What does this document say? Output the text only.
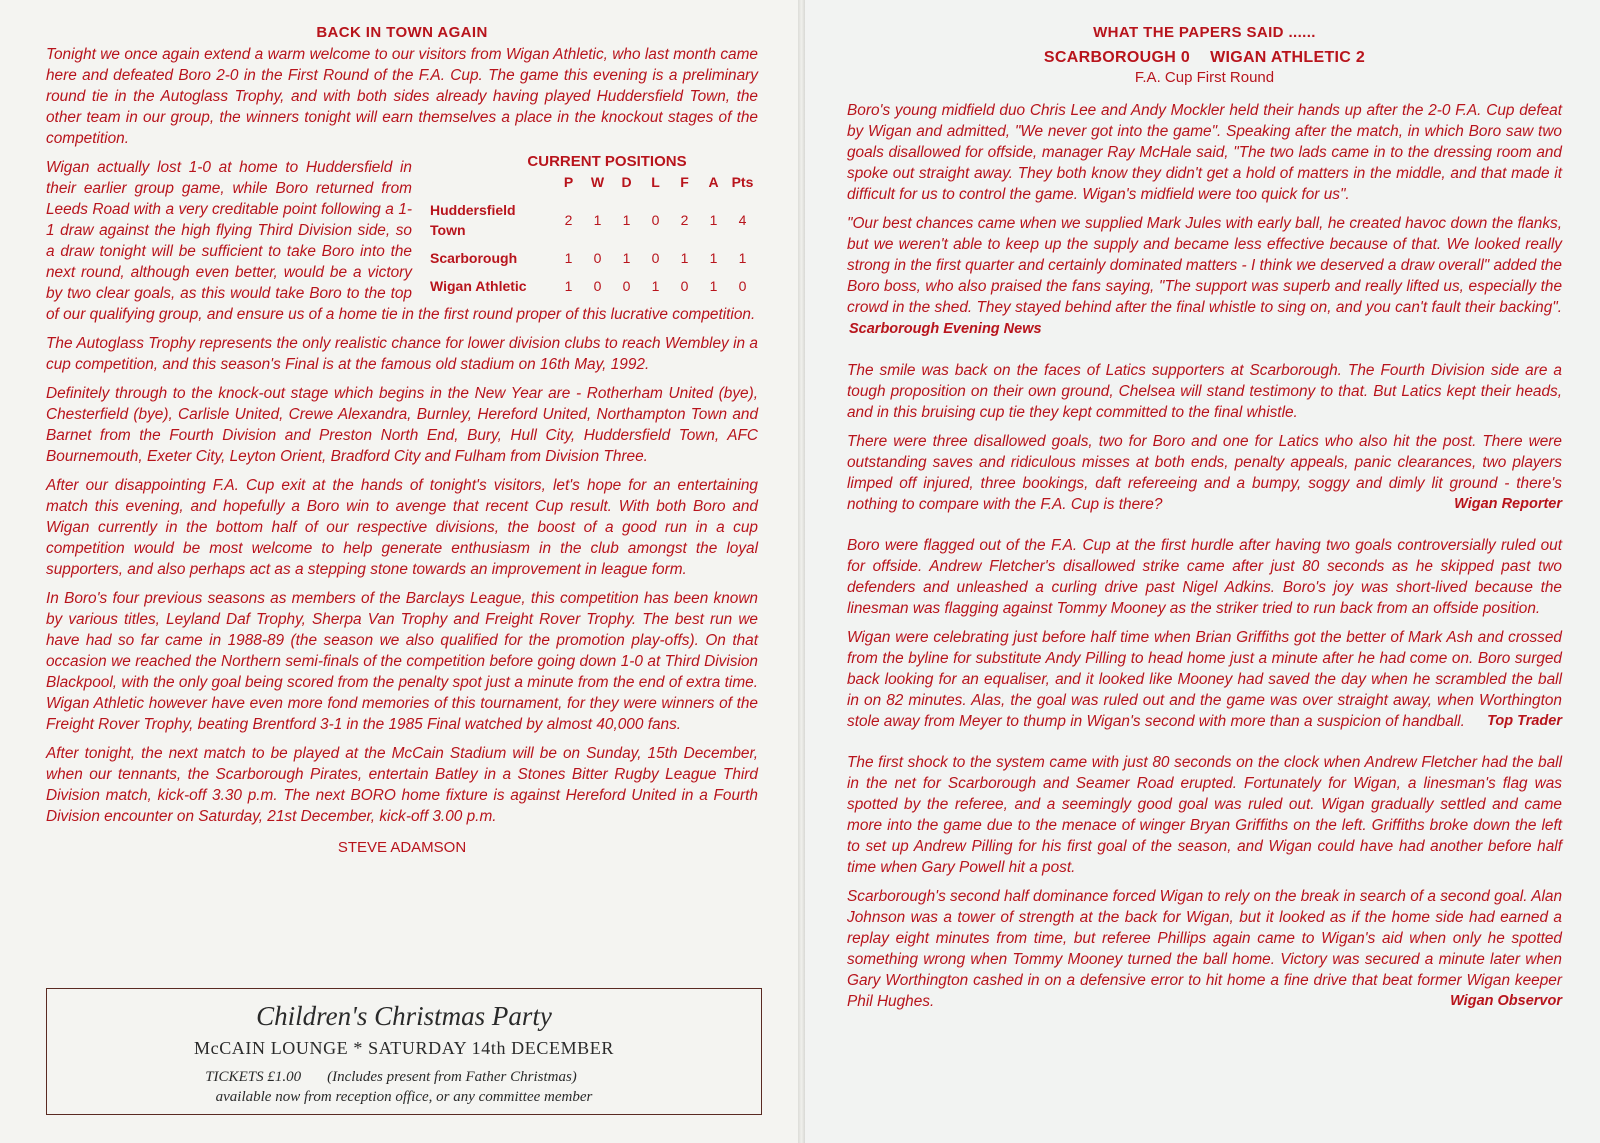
BACK IN TOWN AGAIN

Tonight we once again extend a warm welcome to our visitors from Wigan Athletic, who last month came here and defeated Boro 2-0 in the First Round of the F.A. Cup. The game this evening is a preliminary round tie in the Autoglass Trophy, and with both sides already having played Huddersfield Town, the other team in our group, the winners tonight will earn themselves a place in the knockout stages of the competition.

CURRENT POSITIONS
	P	W	D	L	F	A	Pts
Huddersfield Town	2	1	1	0	2	1	4
Scarborough	1	0	1	0	1	1	1
Wigan Athletic	1	0	0	1	0	1	0

Wigan actually lost 1-0 at home to Huddersfield in their earlier group game, while Boro returned from Leeds Road with a very creditable point following a 1-1 draw against the high flying Third Division side, so a draw tonight will be sufficient to take Boro into the next round, although even better, would be a victory by two clear goals, as this would take Boro to the top of our qualifying group, and ensure us of a home tie in the first round proper of this lucrative competition.

The Autoglass Trophy represents the only realistic chance for lower division clubs to reach Wembley in a cup competition, and this season's Final is at the famous old stadium on 16th May, 1992.

Definitely through to the knock-out stage which begins in the New Year are - Rotherham United (bye), Chesterfield (bye), Carlisle United, Crewe Alexandra, Burnley, Hereford United, Northampton Town and Barnet from the Fourth Division and Preston North End, Bury, Hull City, Huddersfield Town, AFC Bournemouth, Exeter City, Leyton Orient, Bradford City and Fulham from Division Three.

After our disappointing F.A. Cup exit at the hands of tonight's visitors, let's hope for an entertaining match this evening, and hopefully a Boro win to avenge that recent Cup result. With both Boro and Wigan currently in the bottom half of our respective divisions, the boost of a good run in a cup competition would be most welcome to help generate enthusiasm in the club amongst the loyal supporters, and also perhaps act as a stepping stone towards an improvement in league form.

In Boro's four previous seasons as members of the Barclays League, this competition has been known by various titles, Leyland Daf Trophy, Sherpa Van Trophy and Freight Rover Trophy. The best run we have had so far came in 1988-89 (the season we also qualified for the promotion play-offs). On that occasion we reached the Northern semi-finals of the competition before going down 1-0 at Third Division Blackpool, with the only goal being scored from the penalty spot just a minute from the end of extra time. Wigan Athletic however have even more fond memories of this tournament, for they were winners of the Freight Rover Trophy, beating Brentford 3-1 in the 1985 Final watched by almost 40,000 fans.

After tonight, the next match to be played at the McCain Stadium will be on Sunday, 15th December, when our tennants, the Scarborough Pirates, entertain Batley in a Stones Bitter Rugby League Third Division match, kick-off 3.30 p.m. The next BORO home fixture is against Hereford United in a Fourth Division encounter on Saturday, 21st December, kick-off 3.00 p.m.

STEVE ADAMSON
Children's Christmas Party
McCAIN LOUNGE * SATURDAY 14th DECEMBER
TICKETS £1.00 (Includes present from Father Christmas)
available now from reception office, or any committee member
WHAT THE PAPERS SAID ......
SCARBOROUGH 0 WIGAN ATHLETIC 2
F.A. Cup First Round

Boro's young midfield duo Chris Lee and Andy Mockler held their hands up after the 2-0 F.A. Cup defeat by Wigan and admitted, "We never got into the game". Speaking after the match, in which Boro saw two goals disallowed for offside, manager Ray McHale said, "The two lads came in to the dressing room and spoke out straight away. They both know they didn't get a hold of matters in the middle, and that made it difficult for us to control the game. Wigan's midfield were too quick for us".

"Our best chances came when we supplied Mark Jules with early ball, he created havoc down the flanks, but we weren't able to keep up the supply and became less effective because of that. We looked really strong in the first quarter and certainly dominated matters - I think we deserved a draw overall" added the Boro boss, who also praised the fans saying, "The support was superb and really lifted us, especially the crowd in the shed. They stayed behind after the final whistle to sing on, and you can't fault their backing". Scarborough Evening News

The smile was back on the faces of Latics supporters at Scarborough. The Fourth Division side are a tough proposition on their own ground, Chelsea will stand testimony to that. But Latics kept their heads, and in this bruising cup tie they kept committed to the final whistle.

There were three disallowed goals, two for Boro and one for Latics who also hit the post. There were outstanding saves and ridiculous misses at both ends, penalty appeals, panic clearances, two players limped off injured, three bookings, daft refereeing and a bumpy, soggy and dimly lit ground - there's nothing to compare with the F.A. Cup is there?	Wigan Reporter

Boro were flagged out of the F.A. Cup at the first hurdle after having two goals controversially ruled out for offside. Andrew Fletcher's disallowed strike came after just 80 seconds as he skipped past two defenders and unleashed a curling drive past Nigel Adkins. Boro's joy was short-lived because the linesman was flagging against Tommy Mooney as the striker tried to run back from an offside position.

Wigan were celebrating just before half time when Brian Griffiths got the better of Mark Ash and crossed from the byline for substitute Andy Pilling to head home just a minute after he had come on. Boro surged back looking for an equaliser, and it looked like Mooney had saved the day when he scrambled the ball in on 82 minutes. Alas, the goal was ruled out and the game was over straight away, when Worthington stole away from Meyer to thump in Wigan's second with more than a suspicion of handball. Top Trader

The first shock to the system came with just 80 seconds on the clock when Andrew Fletcher had the ball in the net for Scarborough and Seamer Road erupted. Fortunately for Wigan, a linesman's flag was spotted by the referee, and a seemingly good goal was ruled out. Wigan gradually settled and came more into the game due to the menace of winger Bryan Griffiths on the left. Griffiths broke down the left to set up Andrew Pilling for his first goal of the season, and Wigan could have had another before half time when Gary Powell hit a post.

Scarborough's second half dominance forced Wigan to rely on the break in search of a second goal. Alan Johnson was a tower of strength at the back for Wigan, but it looked as if the home side had earned a replay eight minutes from time, but referee Phillips again came to Wigan's aid when only he spotted something wrong when Tommy Mooney turned the ball home. Victory was secured a minute later when Gary Worthington cashed in on a defensive error to hit home a fine drive that beat former Wigan keeper Phil Hughes.	Wigan Observor
